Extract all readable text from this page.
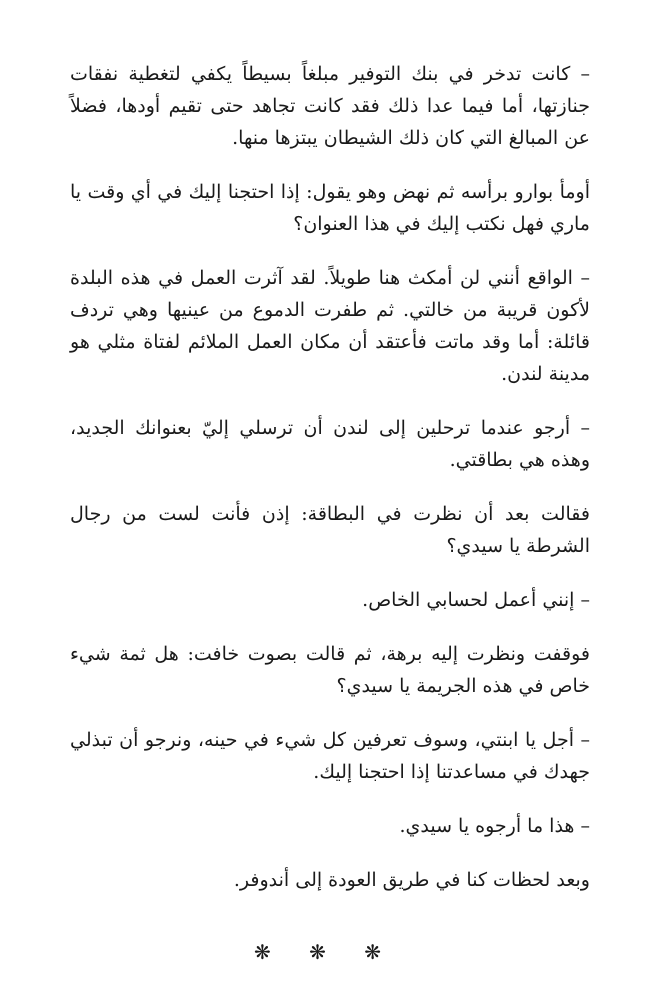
– كانت تدخر في بنك التوفير مبلغاً بسيطاً يكفي لتغطية نفقات جنازتها، أما فيما عدا ذلك فقد كانت تجاهد حتى تقيم أودها، فضلاً عن المبالغ التي كان ذلك الشيطان يبتزها منها.

أومأ بوارو برأسه ثم نهض وهو يقول: إذا احتجنا إليك في أي وقت يا ماري فهل نكتب إليك في هذا العنوان؟

– الواقع أنني لن أمكث هنا طويلاً. لقد آثرت العمل في هذه البلدة لأكون قريبة من خالتي. ثم طفرت الدموع من عينيها وهي تردف قائلة: أما وقد ماتت فأعتقد أن مكان العمل الملائم لفتاة مثلي هو مدينة لندن.

– أرجو عندما ترحلين إلى لندن أن ترسلي إليّ بعنوانك الجديد، وهذه هي بطاقتي.

فقالت بعد أن نظرت في البطاقة: إذن فأنت لست من رجال الشرطة يا سيدي؟

– إنني أعمل لحسابي الخاص.

فوقفت ونظرت إليه برهة، ثم قالت بصوت خافت: هل ثمة شيء خاص في هذه الجريمة يا سيدي؟

– أجل يا ابنتي، وسوف تعرفين كل شيء في حينه، ونرجو أن تبذلي جهدك في مساعدتنا إذا احتجنا إليك.

– هذا ما أرجوه يا سيدي.

وبعد لحظات كنا في طريق العودة إلى أندوفر.

❋ ❋ ❋
